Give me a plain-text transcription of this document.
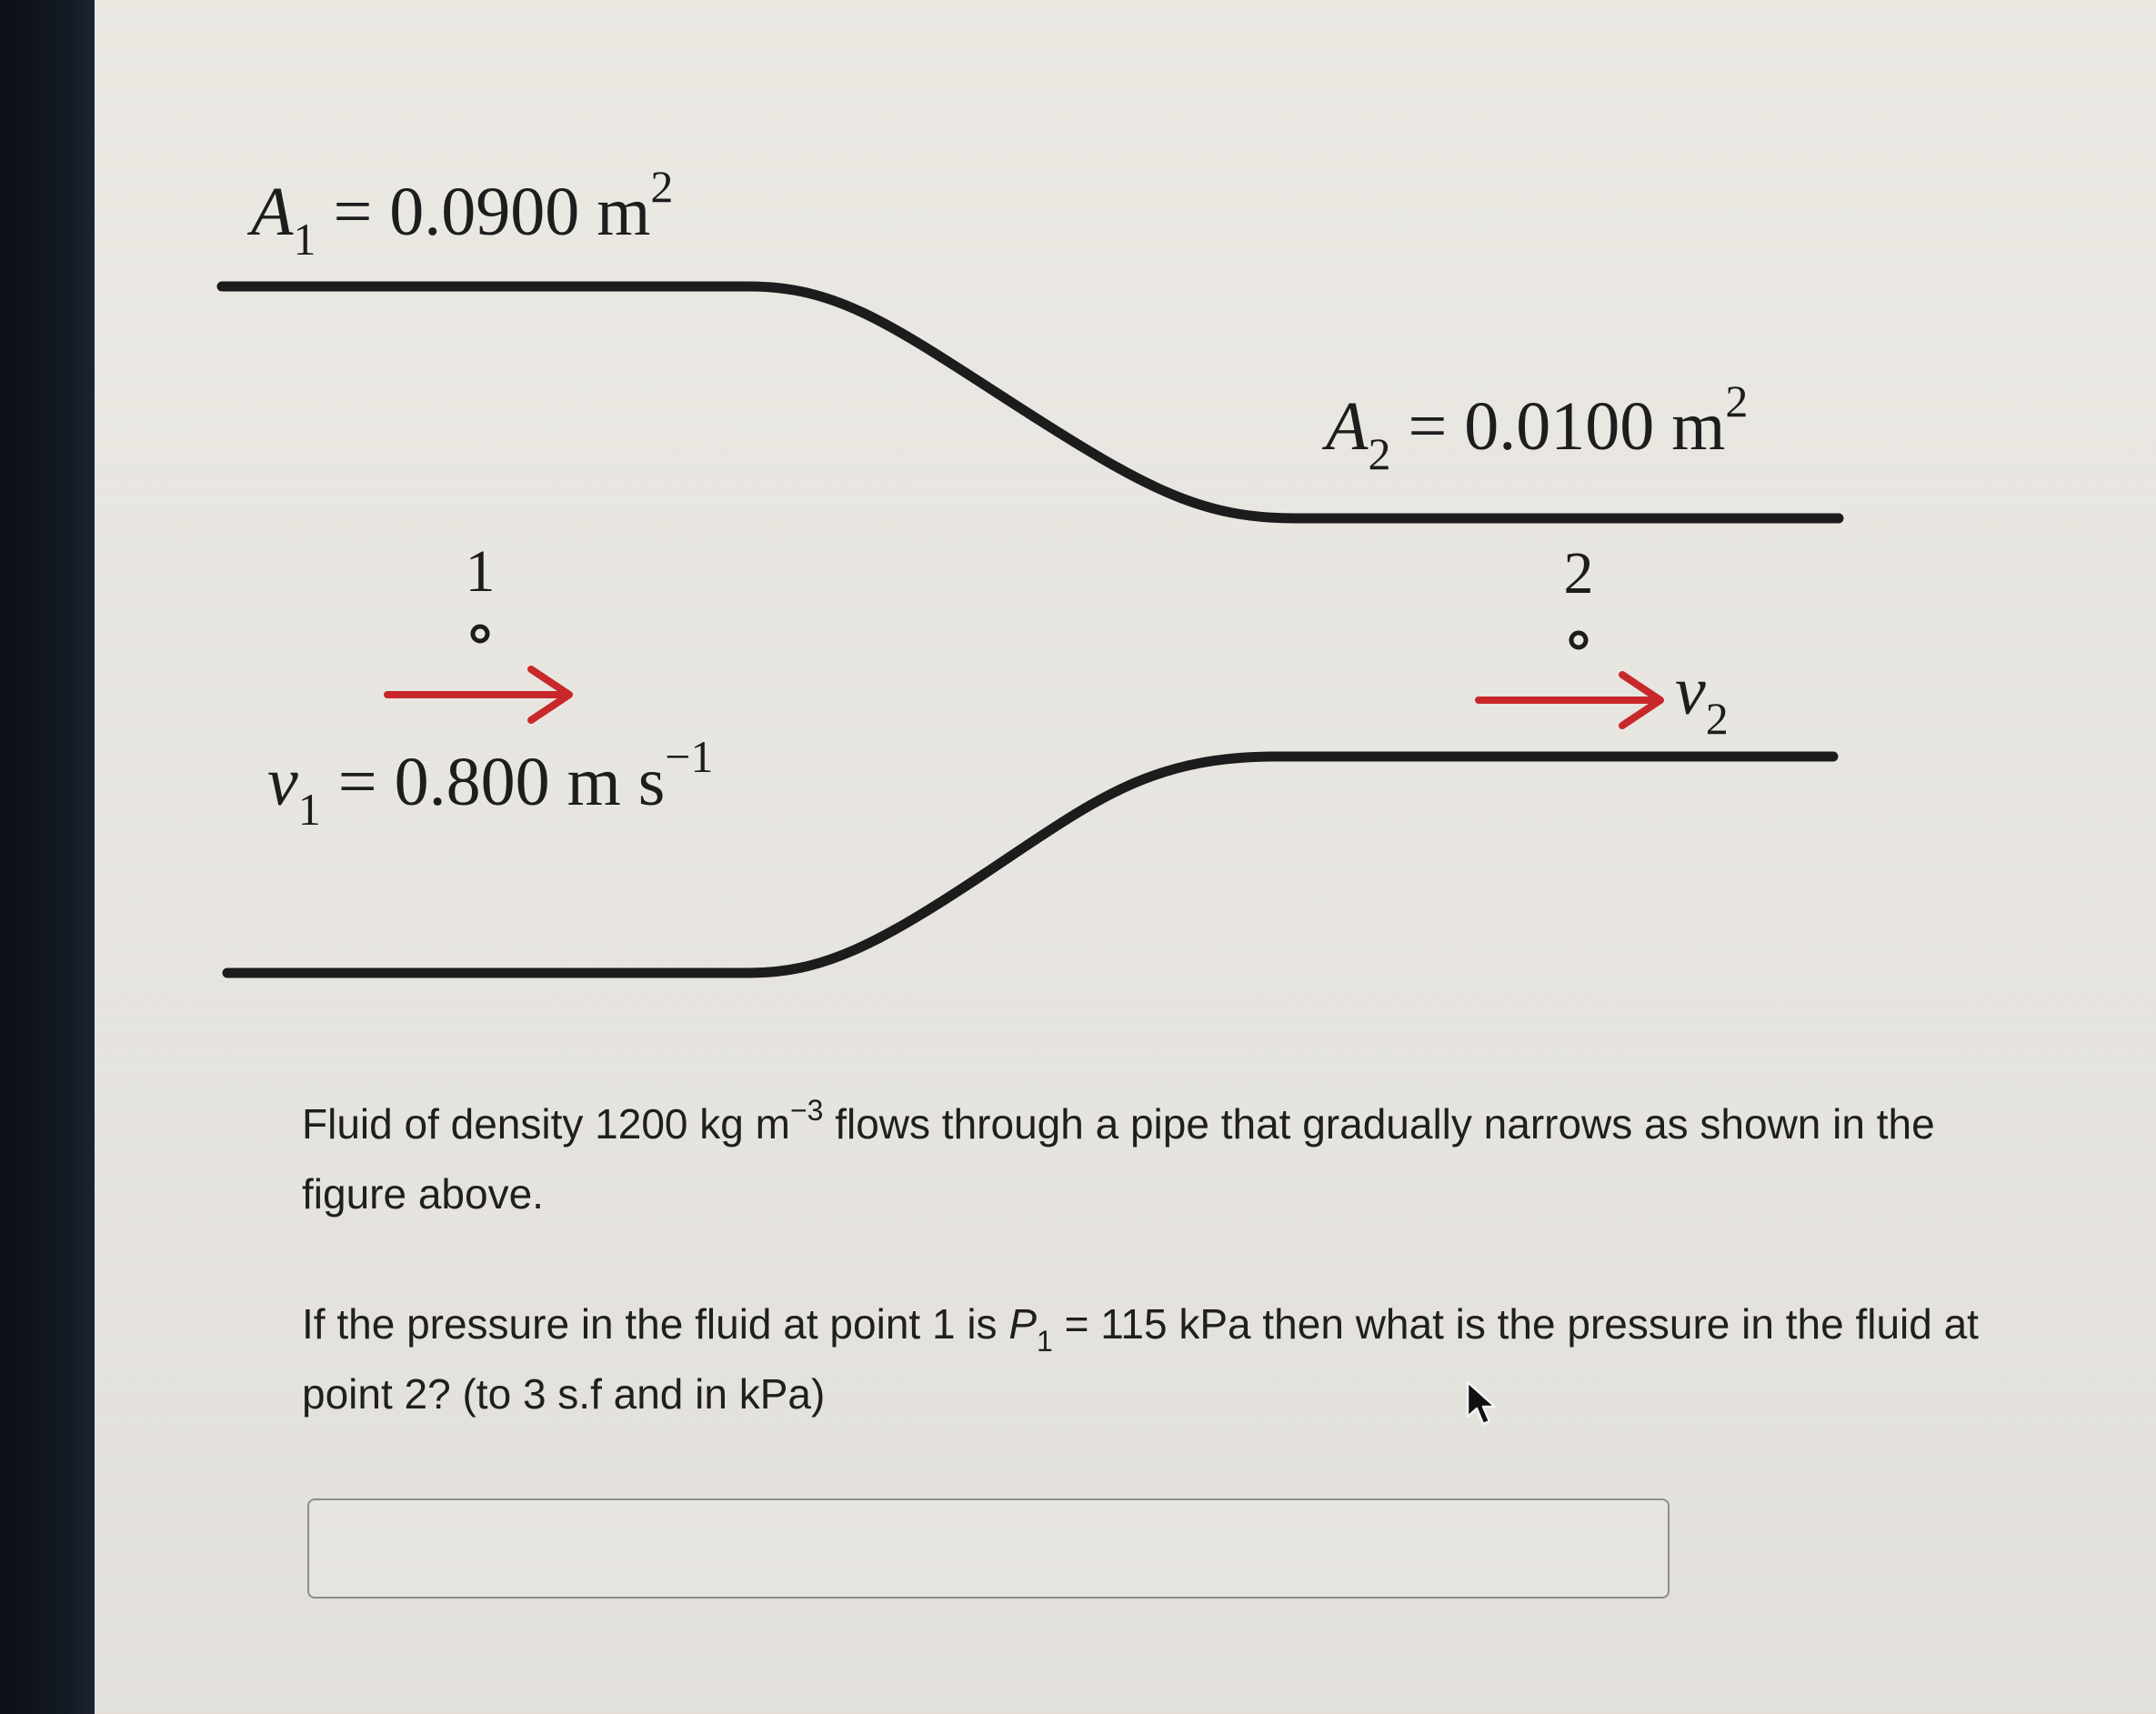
$A_1 = 0.0900$ $m^2$
$A_2 = 0.0100$ $m^2$
1	2
$v_2$
$v_1 = 0.800$ m $s^{-1}$

Fluid of density 1200 kg $m^{-3}$ flows through a pipe that gradually narrows as shown in the figure above.

If the pressure in the fluid at point 1 is $P_1 = 115$ kPa then what is the pressure in the fluid at point 2? (to 3 s.f and in kPa)
